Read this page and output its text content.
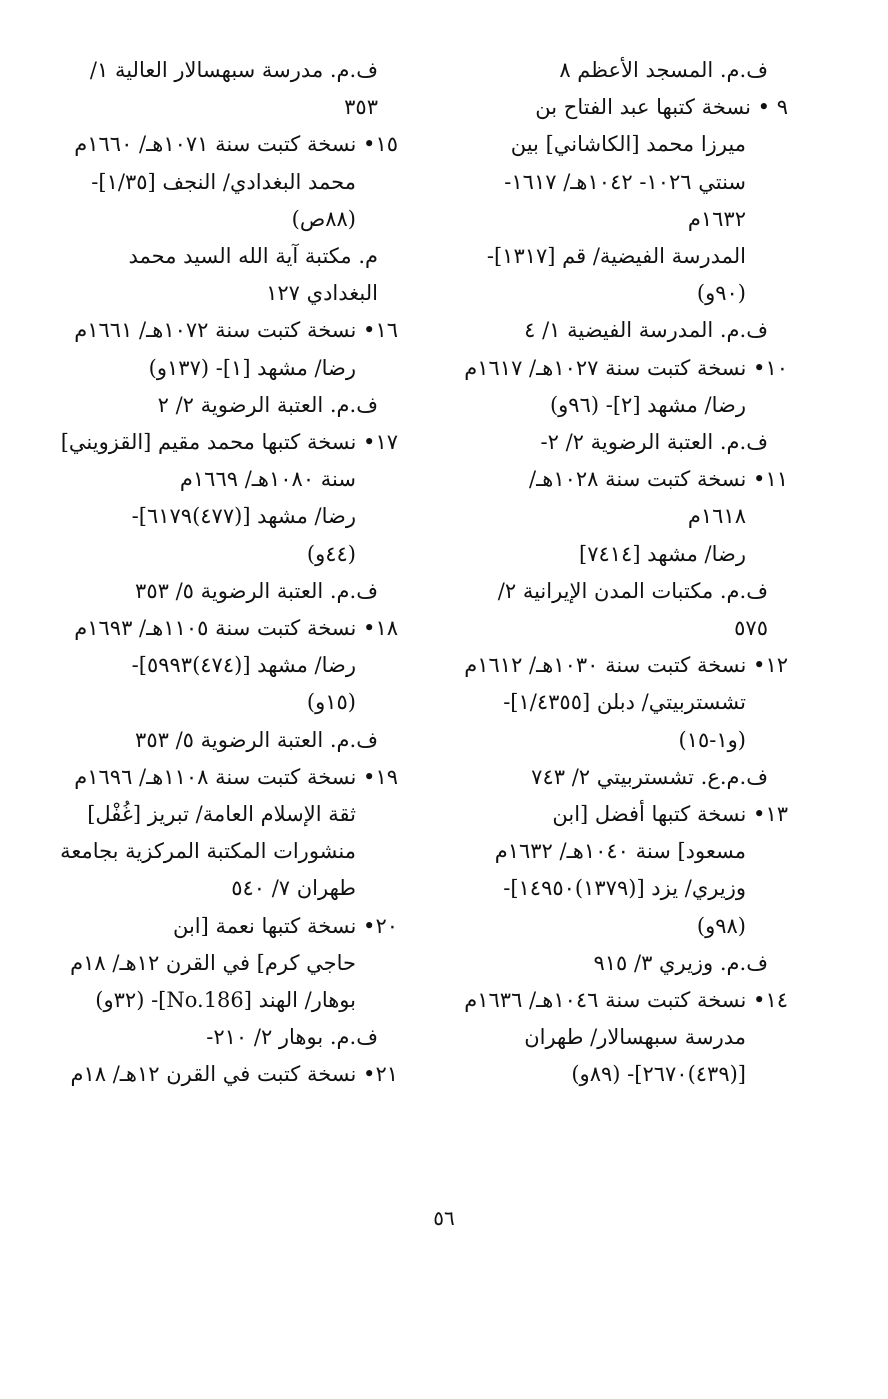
ف.م. المسجد الأعظم ٨
٩ • نسخة كتبها عبد الفتاح بن
ميرزا محمد [الكاشاني] بين
سنتي ١٠٢٦- ١٠٤٢هـ/ ١٦١٧-
١٦٣٢م
المدرسة الفيضية/ قم [١٣١٧]-
(٩٠و)
ف.م. المدرسة الفيضية ١/ ٤
١٠• نسخة كتبت سنة ١٠٢٧هـ/ ١٦١٧م
رضا/ مشهد [٢]- (٩٦و)
ف.م. العتبة الرضوية ٢/ ٢-
١١• نسخة كتبت سنة ١٠٢٨هـ/
١٦١٨م
رضا/ مشهد [٧٤١٤]
ف.م. مكتبات المدن الإيرانية ٢/
٥٧٥
١٢• نسخة كتبت سنة ١٠٣٠هـ/ ١٦١٢م
تشستربيتي/ دبلن [١/٤٣٥٥]-
(و١-١٥)
ف.م.ع. تشستربيتي ٢/ ٧٤٣
١٣• نسخة كتبها أفضل [ابن
مسعود] سنة ١٠٤٠هـ/ ١٦٣٢م
وزيري/ يزد [(١٣٧٩)١٤٩٥٠]-
(٩٨و)
ف.م. وزيري ٣/ ٩١٥
١٤• نسخة كتبت سنة ١٠٤٦هـ/ ١٦٣٦م
مدرسة سبهسالار/ طهران
[(٤٣٩)٢٦٧٠]- (٨٩و)
ف.م. مدرسة سبهسالار العالية ١/
٣٥٣
١٥• نسخة كتبت سنة ١٠٧١هـ/ ١٦٦٠م
محمد البغدادي/ النجف [١/٣٥]-
(٨٨ص)
م. مكتبة آية الله السيد محمد
البغدادي ١٢٧
١٦• نسخة كتبت سنة ١٠٧٢هـ/ ١٦٦١م
رضا/ مشهد [١]- (١٣٧و)
ف.م. العتبة الرضوية ٢/ ٢
١٧• نسخة كتبها محمد مقيم [القزويني]
سنة ١٠٨٠هـ/ ١٦٦٩م
رضا/ مشهد [(٤٧٧)٦١٧٩]-
(٤٤و)
ف.م. العتبة الرضوية ٥/ ٣٥٣
١٨• نسخة كتبت سنة ١١٠٥هـ/ ١٦٩٣م
رضا/ مشهد [(٤٧٤)٥٩٩٣]-
(١٥و)
ف.م. العتبة الرضوية ٥/ ٣٥٣
١٩• نسخة كتبت سنة ١١٠٨هـ/ ١٦٩٦م
ثقة الإسلام العامة/ تبريز [غُفْل]
منشورات المكتبة المركزية بجامعة
طهران ٧/ ٥٤٠
٢٠• نسخة كتبها نعمة [ابن
حاجي كرم] في القرن ١٢هـ/ ١٨م
بوهار/ الهند [No.186]- (٣٢و)
ف.م. بوهار ٢/ ٢١٠-
٢١• نسخة كتبت في القرن ١٢هـ/ ١٨م
٥٦
